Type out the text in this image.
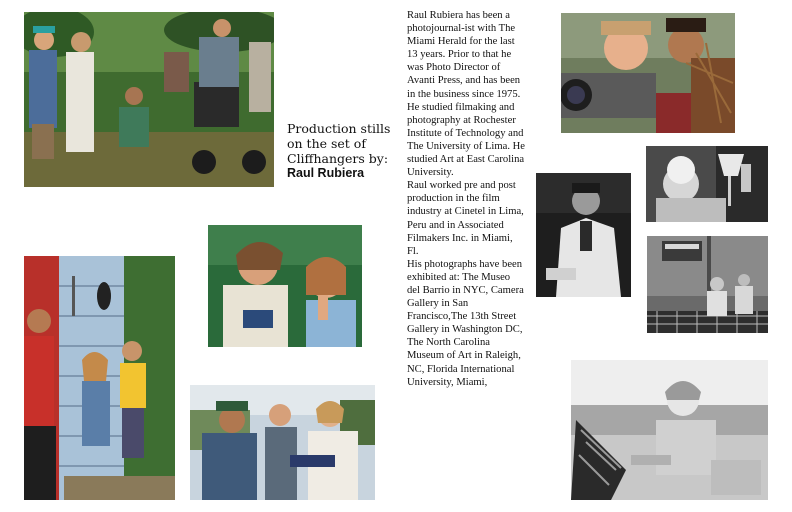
Production stills on the set of Cliffhangers by:
Raul Rubiera

Raul Rubiera has been a photojournal-ist with The Miami Herald for the last 13 years. Prior to that he was Photo Director of Avanti Press, and has been in the business since 1975. He studied filmaking and photography at Rochester Institute of Technology and The University of Lima. He studied Art at East Carolina University.

Raul worked pre and post production in the film industry at Cinetel in Lima, Peru and in Associated Filmakers Inc. in Miami, Fl.

His photographs have been exhibited at: The Museo del Barrio in NYC, Camera Gallery in San Francisco,The 13th Street Gallery in Washington DC, The North Carolina Museum of Art in Raleigh, NC, Florida International University, Miami,
